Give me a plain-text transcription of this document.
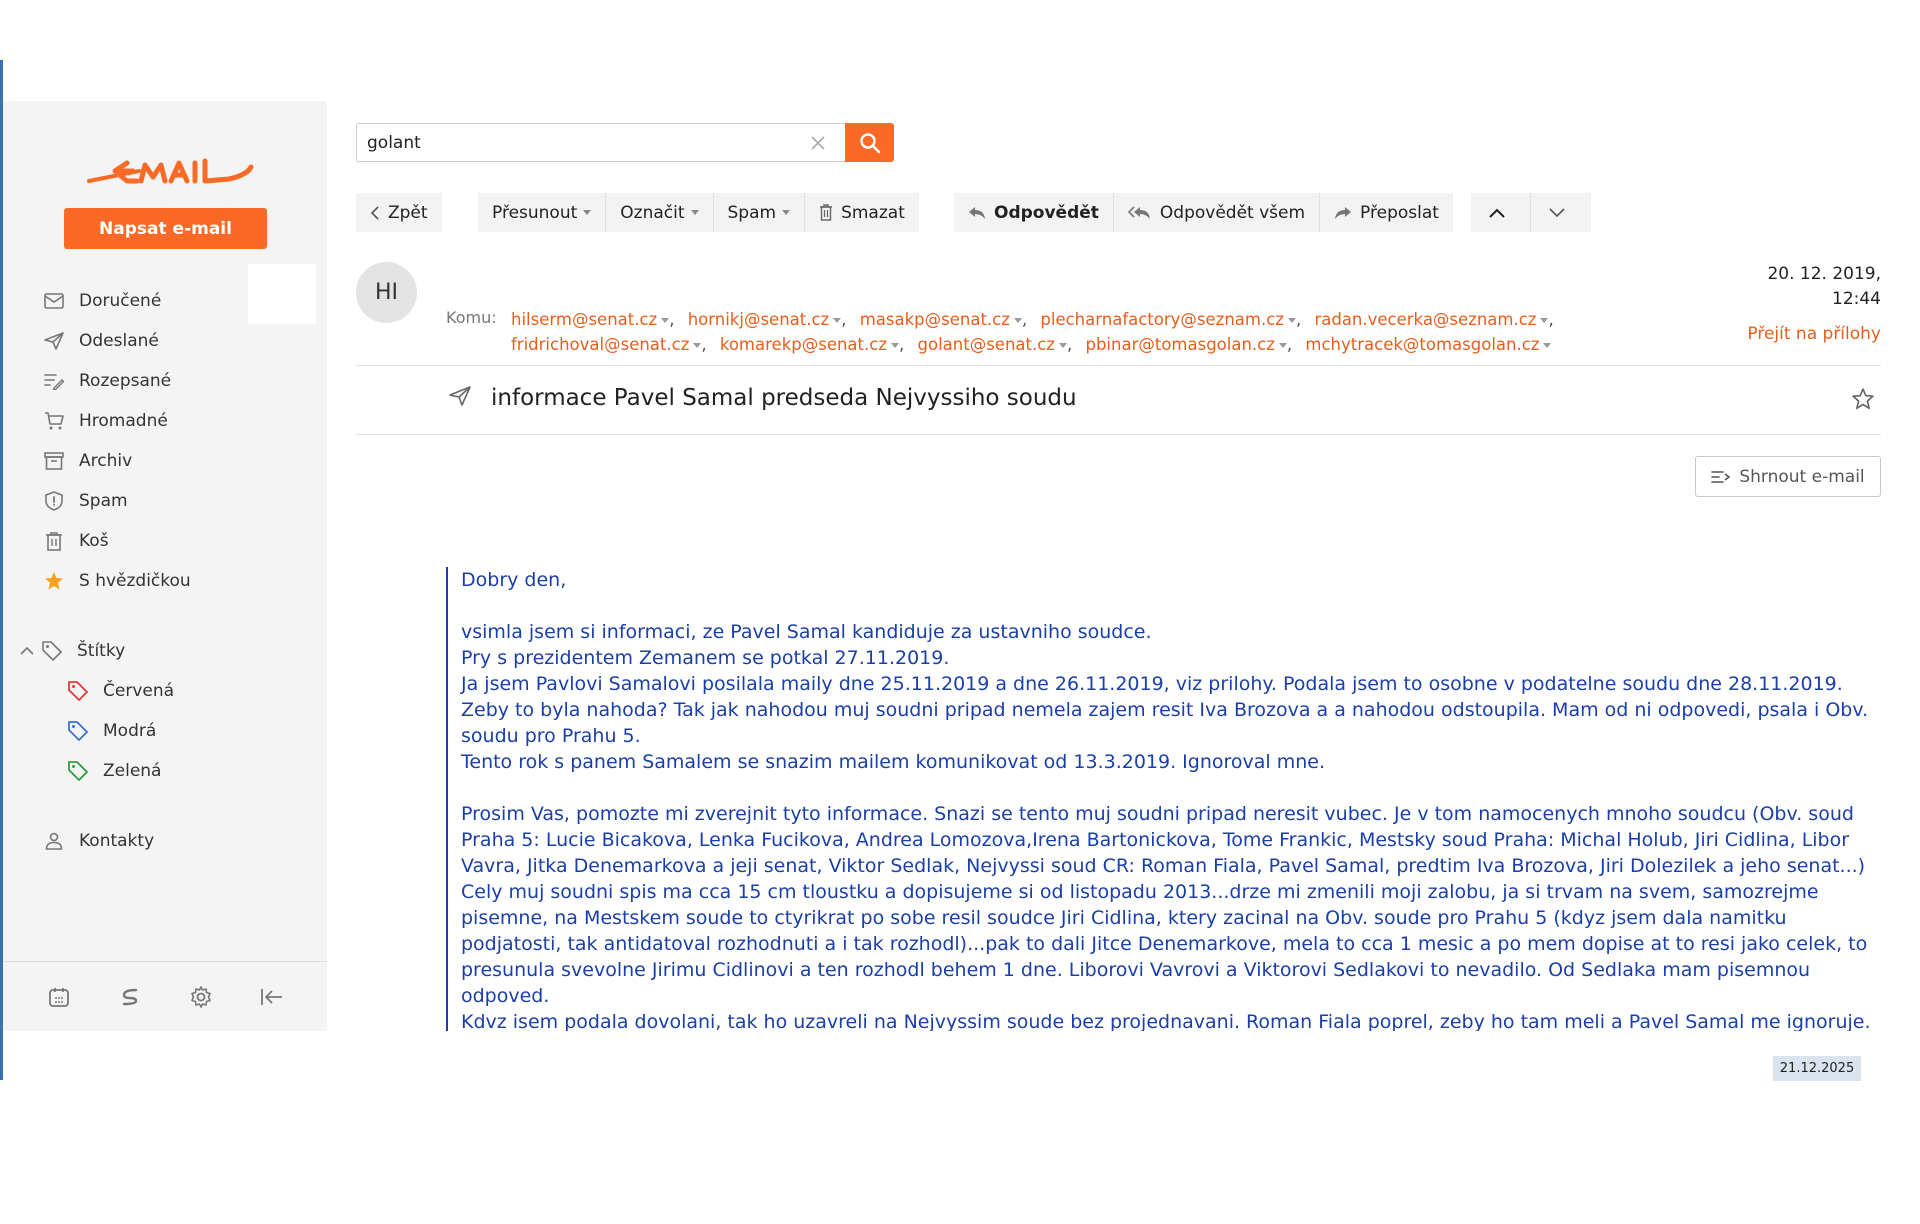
Napsat e-mail
Doručené
Odeslané
Rozepsané
Hromadné
Archiv
Spam
Koš
S hvězdičkou
Štítky
Červená
Modrá
Zelená
Kontakty
golant
Zpět	Přesunout	Označit	Spam	Smazat	Odpovědět	Odpovědět všem	Přeposlat
HI
Komu: hilserm@senat.cz , hornikj@senat.cz , masakp@senat.cz , plecharnafactory@seznam.cz , radan.vecerka@seznam.cz ,
fridrichoval@senat.cz , komarekp@senat.cz , golant@senat.cz , pbinar@tomasgolan.cz , mchytracek@tomasgolan.cz
20. 12. 2019,
12:44
Přejít na přílohy
informace Pavel Samal predseda Nejvyssiho soudu
Shrnout e-mail

Dobry den,

vsimla jsem si informaci, ze Pavel Samal kandiduje za ustavniho soudce.

Pry s prezidentem Zemanem se potkal 27.11.2019.

Ja jsem Pavlovi Samalovi posilala maily dne 25.11.2019 a dne 26.11.2019, viz prilohy. Podala jsem to osobne v podatelne soudu dne 28.11.2019.

Zeby to byla nahoda? Tak jak nahodou muj soudni pripad nemela zajem resit Iva Brozova a a nahodou odstoupila. Mam od ni odpovedi, psala i Obv. soudu pro Prahu 5.

Tento rok s panem Samalem se snazim mailem komunikovat od 13.3.2019. Ignoroval mne.

Prosim Vas, pomozte mi zverejnit tyto informace. Snazi se tento muj soudni pripad neresit vubec. Je v tom namocenych mnoho soudcu (Obv. soud Praha 5: Lucie Bicakova, Lenka Fucikova, Andrea Lomozova,Irena Bartonickova, Tome Frankic, Mestsky soud Praha: Michal Holub, Jiri Cidlina, Libor Vavra, Jitka Denemarkova a jeji senat, Viktor Sedlak, Nejvyssi soud CR: Roman Fiala, Pavel Samal, predtim Iva Brozova, Jiri Dolezilek a jeho senat...)

Cely muj soudni spis ma cca 15 cm tloustku a dopisujeme si od listopadu 2013...drze mi zmenili moji zalobu, ja si trvam na svem, samozrejme pisemne, na Mestskem soude to ctyrikrat po sobe resil soudce Jiri Cidlina, ktery zacinal na Obv. soude pro Prahu 5 (kdyz jsem dala namitku podjatosti, tak antidatoval rozhodnuti a i tak rozhodl)...pak to dali Jitce Denemarkove, mela to cca 1 mesic a po mem dopise at to resi jako celek, to presunula svevolne Jirimu Cidlinovi a ten rozhodl behem 1 dne. Liborovi Vavrovi a Viktorovi Sedlakovi to nevadilo. Od Sedlaka mam pisemnou odpoved.

Kdvz isem podala dovolani, tak ho uzavreli na Nejvyssim soude bez projednavani. Roman Fiala poprel, zeby ho tam meli a Pavel Samal me ignoruje.

21.12.2025
